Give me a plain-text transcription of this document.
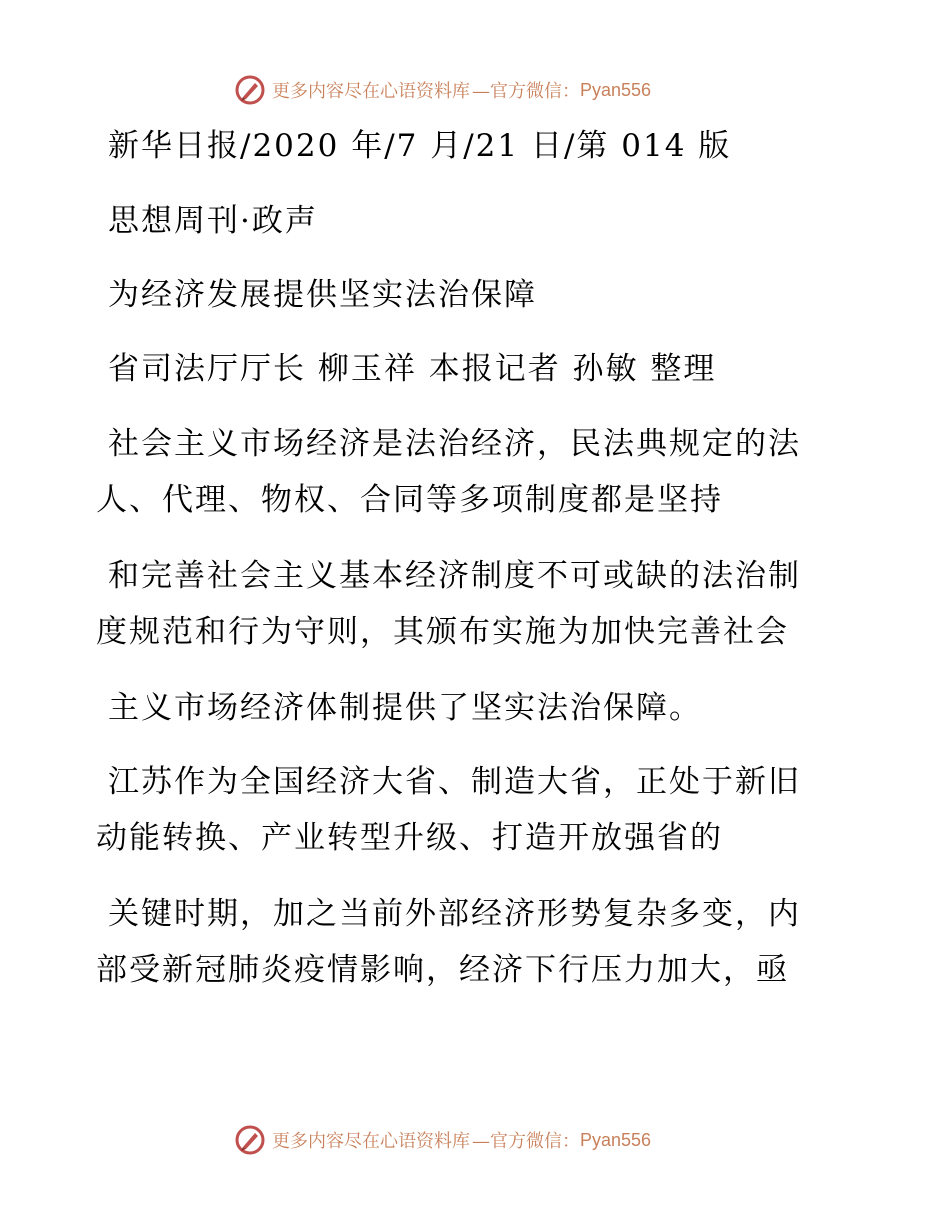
更多内容尽在心语资料库 —官方微信： Pyan556
新华日报/2020 年/7 月/21 日/第 014 版
思想周刊·政声
为经济发展提供坚实法治保障
省司法厅厅长 柳玉祥 本报记者 孙敏 整理
社会主义市场经济是法治经济，民法典规定的法
人、代理、物权、合同等多项制度都是坚持
和完善社会主义基本经济制度不可或缺的法治制
度规范和行为守则，其颁布实施为加快完善社会
主义市场经济体制提供了坚实法治保障。
江苏作为全国经济大省、制造大省，正处于新旧
动能转换、产业转型升级、打造开放强省的
关键时期，加之当前外部经济形势复杂多变，内
部受新冠肺炎疫情影响，经济下行压力加大，亟
更多内容尽在心语资料库 —官方微信： Pyan556
